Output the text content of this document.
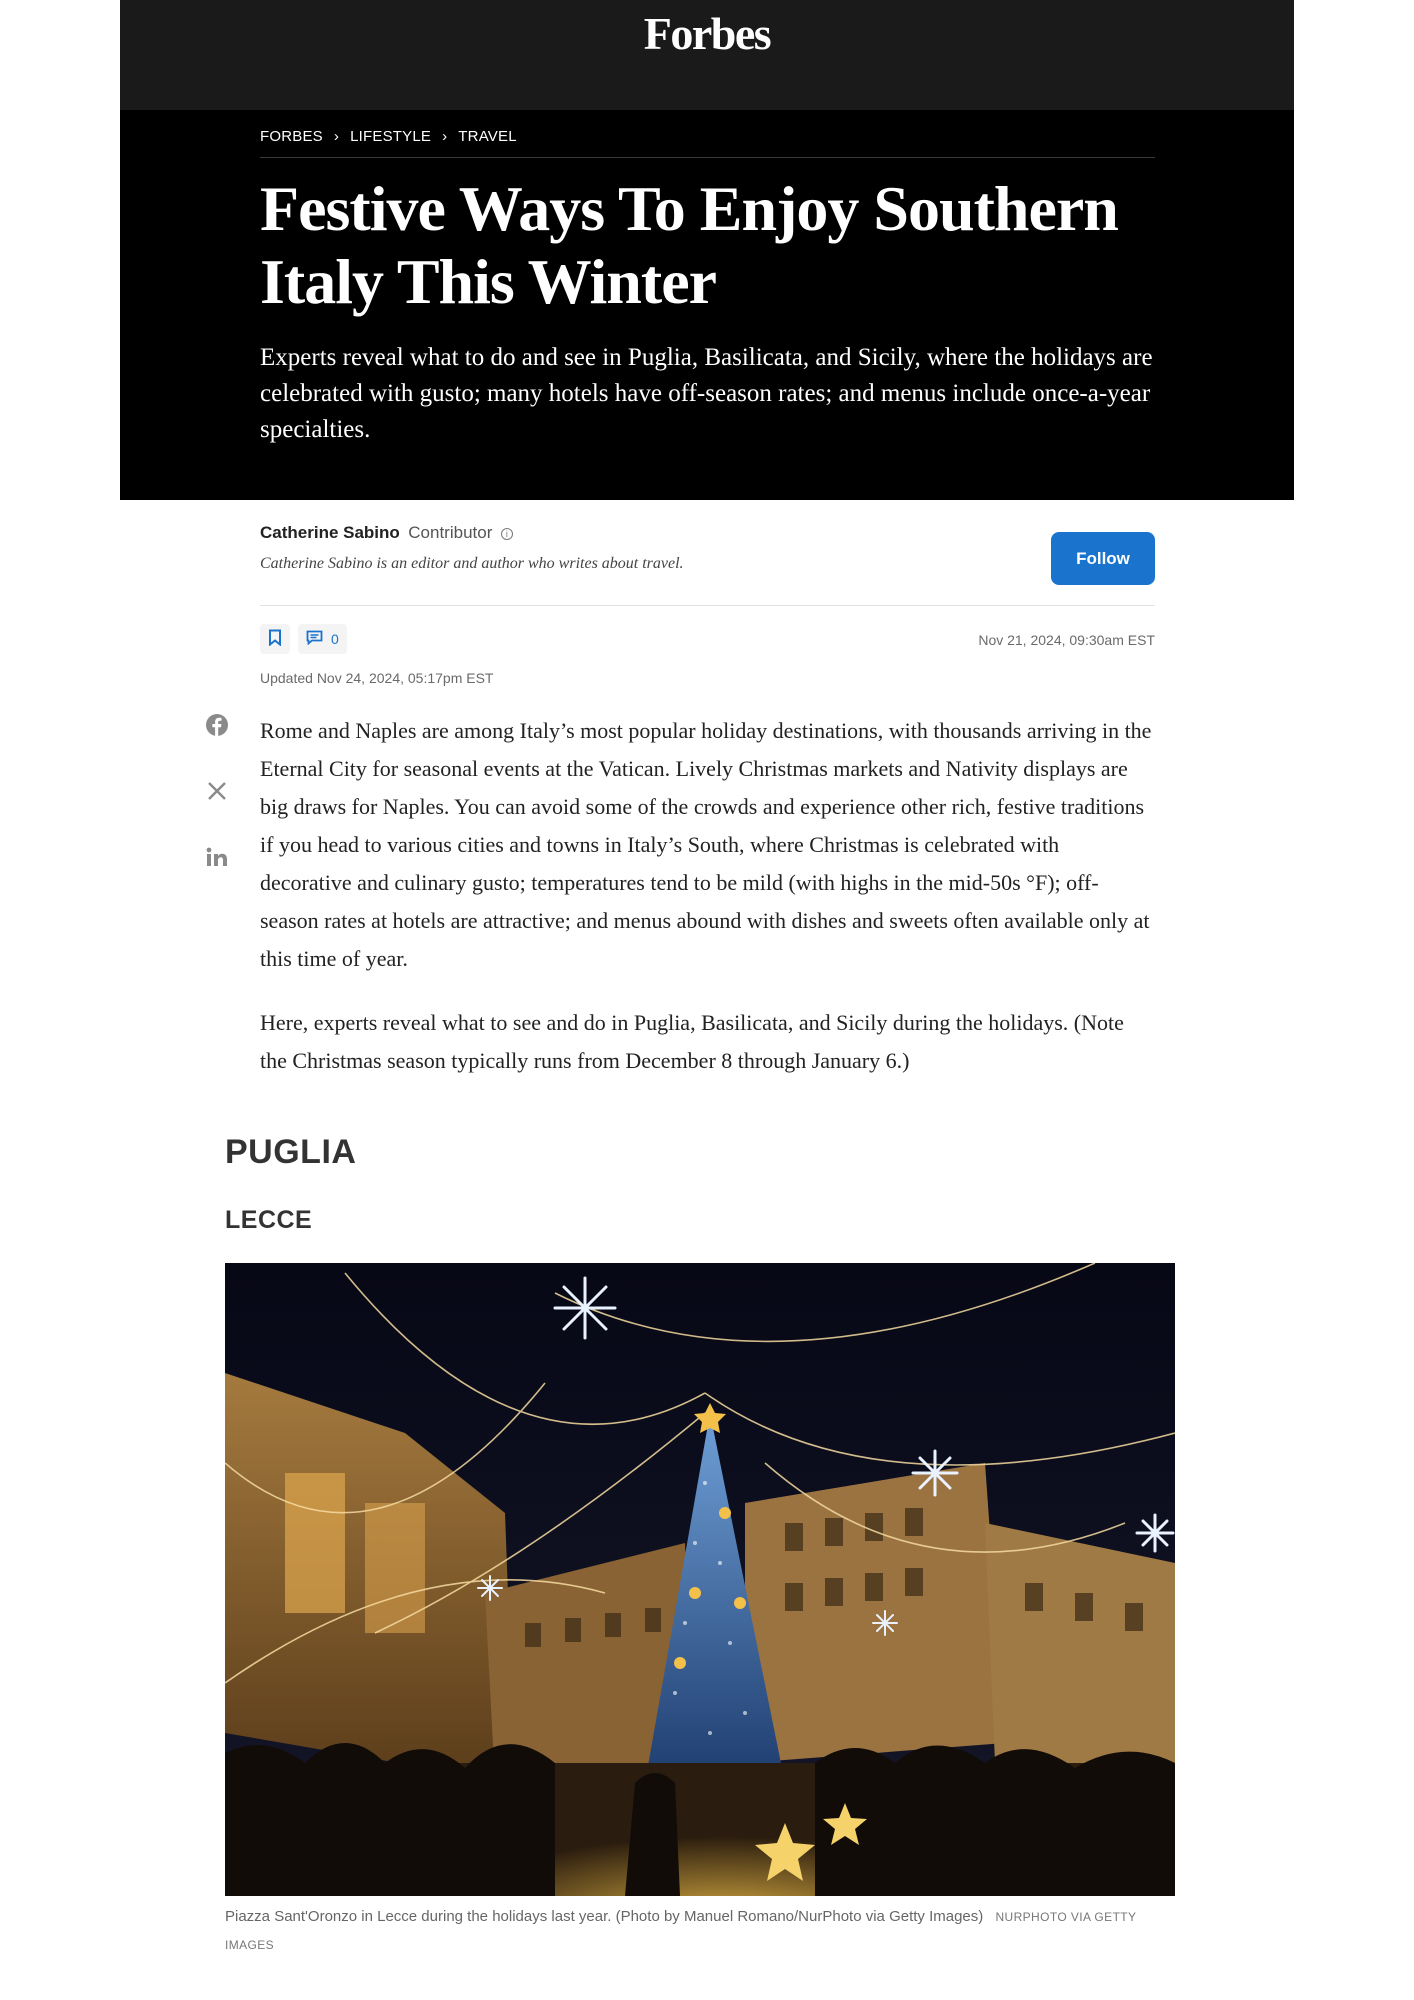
Forbes
FORBES › LIFESTYLE › TRAVEL
Festive Ways To Enjoy Southern Italy This Winter

Experts reveal what to do and see in Puglia, Basilicata, and Sicily, where the holidays are celebrated with gusto; many hotels have off-season rates; and menus include once-a-year specialties.

Catherine Sabino Contributor i
Catherine Sabino is an editor and author who writes about travel.	Follow
0	Nov 21, 2024, 09:30am EST
Updated Nov 24, 2024, 05:17pm EST

Rome and Naples are among Italy’s most popular holiday destinations, with thousands arriving in the Eternal City for seasonal events at the Vatican. Lively Christmas markets and Nativity displays are big draws for Naples. You can avoid some of the crowds and experience other rich, festive traditions if you head to various cities and towns in Italy’s South, where Christmas is celebrated with decorative and culinary gusto; temperatures tend to be mild (with highs in the mid-50s °F); off-season rates at hotels are attractive; and menus abound with dishes and sweets often available only at this time of year.

Here, experts reveal what to see and do in Puglia, Basilicata, and Sicily during the holidays. (Note the Christmas season typically runs from December 8 through January 6.)

PUGLIA
LECCE
Piazza Sant'Oronzo in Lecce during the holidays last year. (Photo by Manuel Romano/NurPhoto via Getty Images) NURPHOTO VIA GETTY IMAGES
